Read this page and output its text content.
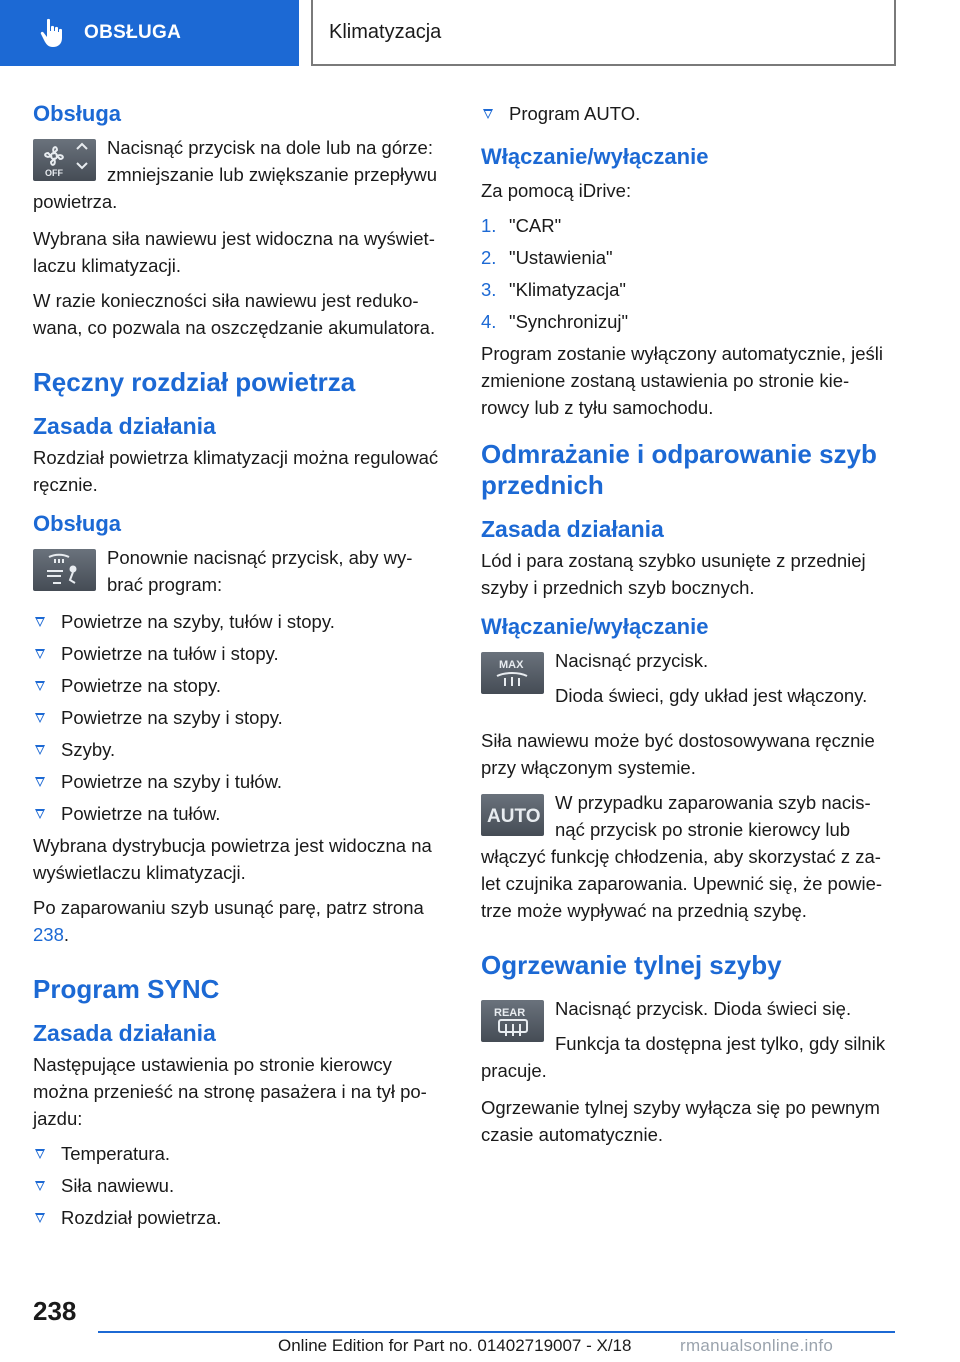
OBSŁUGA	Klimatyzacja
Obsługa
OFF
Nacisnąć przycisk na dole lub na górze: zmniejszanie lub zwiększanie przepływu powietrza.

Wybrana siła nawiewu jest widoczna na wyświet‐laczu klimatyzacji.

W razie konieczności siła nawiewu jest reduko‐wana, co pozwala na oszczędzanie akumulatora.

Ręczny rozdział powietrza
Zasada działania

Rozdział powietrza klimatyzacji można regulować ręcznie.

Obsługa
Ponownie nacisnąć przycisk, aby wy‐brać program:
Powietrze na szyby, tułów i stopy.
Powietrze na tułów i stopy.
Powietrze na stopy.
Powietrze na szyby i stopy.
Szyby.
Powietrze na szyby i tułów.
Powietrze na tułów.

Wybrana dystrybucja powietrza jest widoczna na wyświetlaczu klimatyzacji.

Po zaparowaniu szyb usunąć parę, patrz strona 238.

Program SYNC
Zasada działania

Następujące ustawienia po stronie kierowcy można przenieść na stronę pasażera i na tył po‐jazdu:

Temperatura.
Siła nawiewu.
Rozdział powietrza.
Program AUTO.
Włączanie/wyłączanie

Za pomocą iDrive:

1. "CAR"
2. "Ustawienia"
3. "Klimatyzacja"
4. "Synchronizuj"

Program zostanie wyłączony automatycznie, jeśli zmienione zostaną ustawienia po stronie kie‐rowcy lub z tyłu samochodu.

Odmrażanie i odparowanie szyb przednich
Zasada działania

Lód i para zostaną szybko usunięte z przedniej szyby i przednich szyb bocznych.

Włączanie/wyłączanie
MAX	Nacisnąć przycisk.

Dioda świeci, gdy układ jest włączony.

Siła nawiewu może być dostosowywana ręcznie przy włączonym systemie.

AUTO
W przypadku zaparowania szyb nacis‐nąć przycisk po stronie kierowcy lub włączyć funkcję chłodzenia, aby skorzystać z za‐let czujnika zaparowania. Upewnić się, że powie‐trze może wypływać na przednią szybę.
Ogrzewanie tylnej szyby
REAR	Nacisnąć przycisk. Dioda świeci się.

Funkcja ta dostępna jest tylko, gdy silnik pracuje.

Ogrzewanie tylnej szyby wyłącza się po pewnym czasie automatycznie.

238
Online Edition for Part no. 01402719007 - X/18	rmanualsonline.info
